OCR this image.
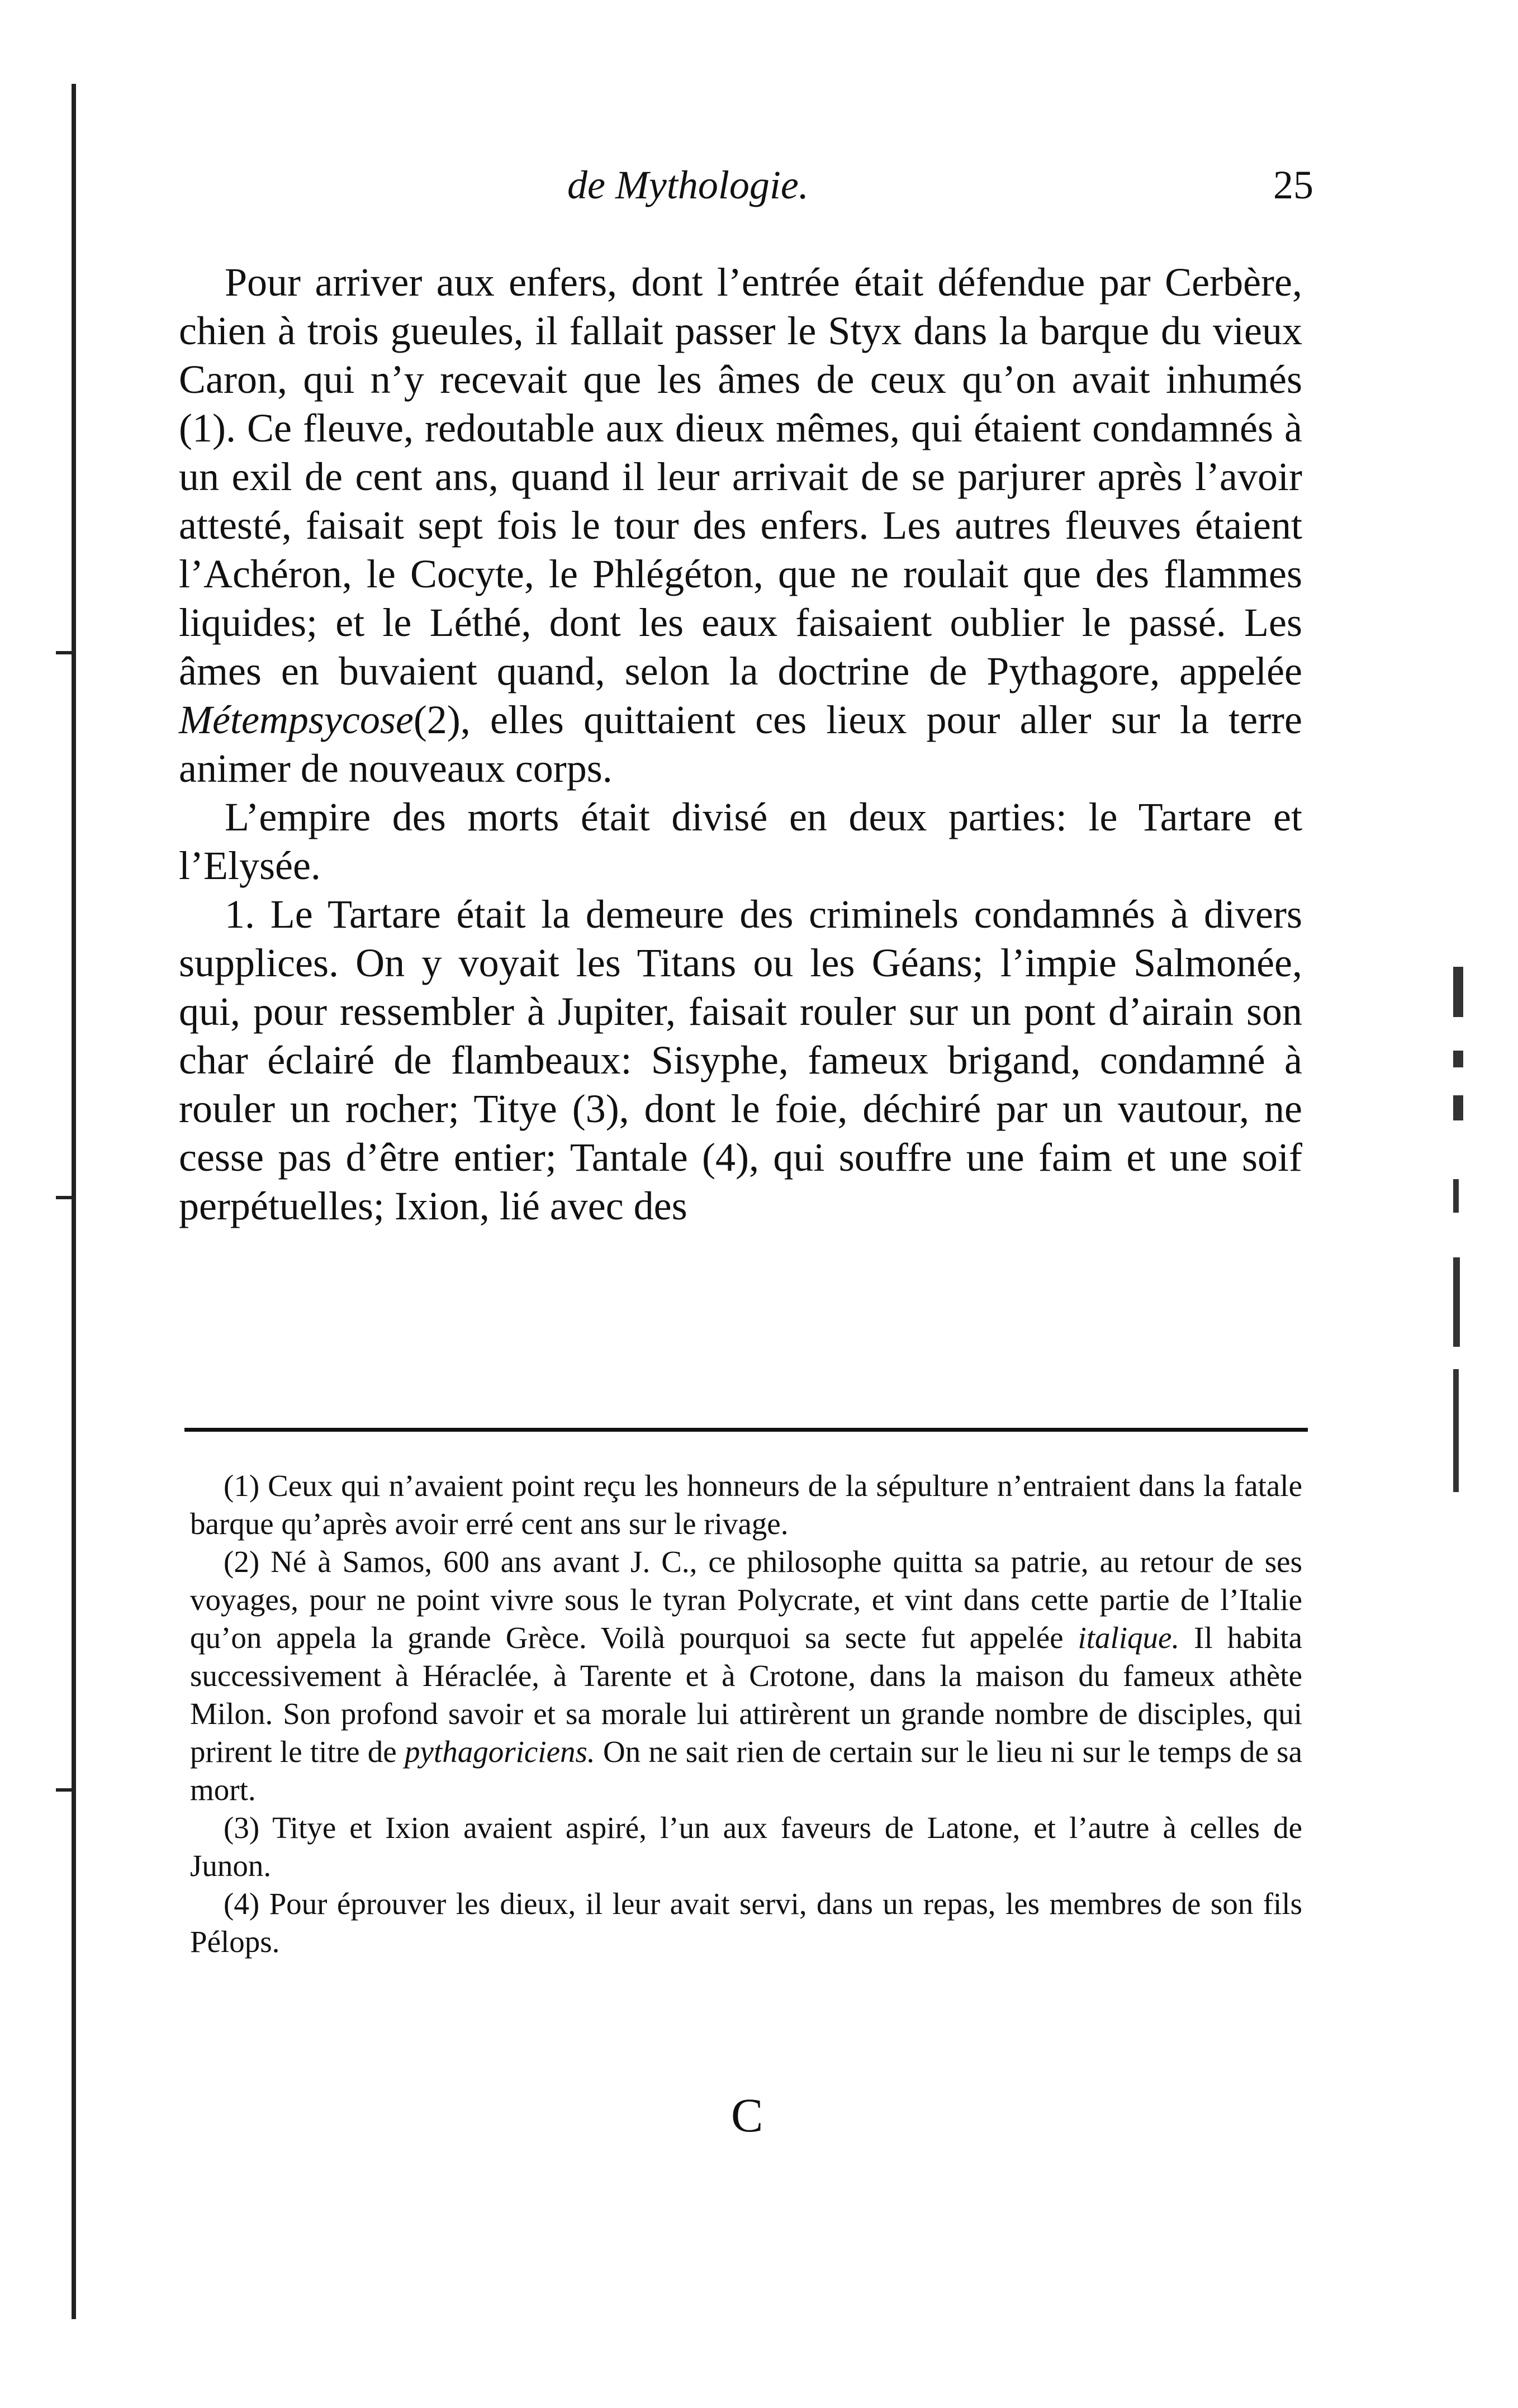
de Mythologie.	25

Pour arriver aux enfers, dont l’entrée était défendue par Cerbère, chien à trois gueules, il fallait passer le Styx dans la barque du vieux Caron, qui n’y recevait que les âmes de ceux qu’on avait inhumés (1). Ce fleuve, redoutable aux dieux mêmes, qui étaient condamnés à un exil de cent ans, quand il leur arrivait de se parjurer après l’avoir attesté, faisait sept fois le tour des enfers. Les autres fleuves étaient l’Achéron, le Cocyte, le Phlégéton, que ne roulait que des flammes liquides; et le Léthé, dont les eaux faisaient oublier le passé. Les âmes en buvaient quand, selon la doctrine de Pythagore, appelée Métempsycose(2), elles quittaient ces lieux pour aller sur la terre animer de nouveaux corps.

L’empire des morts était divisé en deux parties: le Tartare et l’Elysée.

1. Le Tartare était la demeure des criminels condamnés à divers supplices. On y voyait les Titans ou les Géans; l’impie Salmonée, qui, pour ressembler à Jupiter, faisait rouler sur un pont d’airain son char éclairé de flambeaux: Sisyphe, fameux brigand, condamné à rouler un rocher; Titye (3), dont le foie, déchiré par un vautour, ne cesse pas d’être entier; Tantale (4), qui souffre une faim et une soif perpétuelles; Ixion, lié avec des

(1) Ceux qui n’avaient point reçu les honneurs de la sépulture n’entraient dans la fatale barque qu’après avoir erré cent ans sur le rivage.

(2) Né à Samos, 600 ans avant J. C., ce philosophe quitta sa patrie, au retour de ses voyages, pour ne point vivre sous le tyran Polycrate, et vint dans cette partie de l’Italie qu’on appela la grande Grèce. Voilà pourquoi sa secte fut appelée italique. Il habita successivement à Héraclée, à Tarente et à Crotone, dans la maison du fameux athète Milon. Son profond savoir et sa morale lui attirèrent un grande nombre de disciples, qui prirent le titre de pythagoriciens. On ne sait rien de certain sur le lieu ni sur le temps de sa mort.

(3) Titye et Ixion avaient aspiré, l’un aux faveurs de Latone, et l’autre à celles de Junon.

(4) Pour éprouver les dieux, il leur avait servi, dans un repas, les membres de son fils Pélops.

C
